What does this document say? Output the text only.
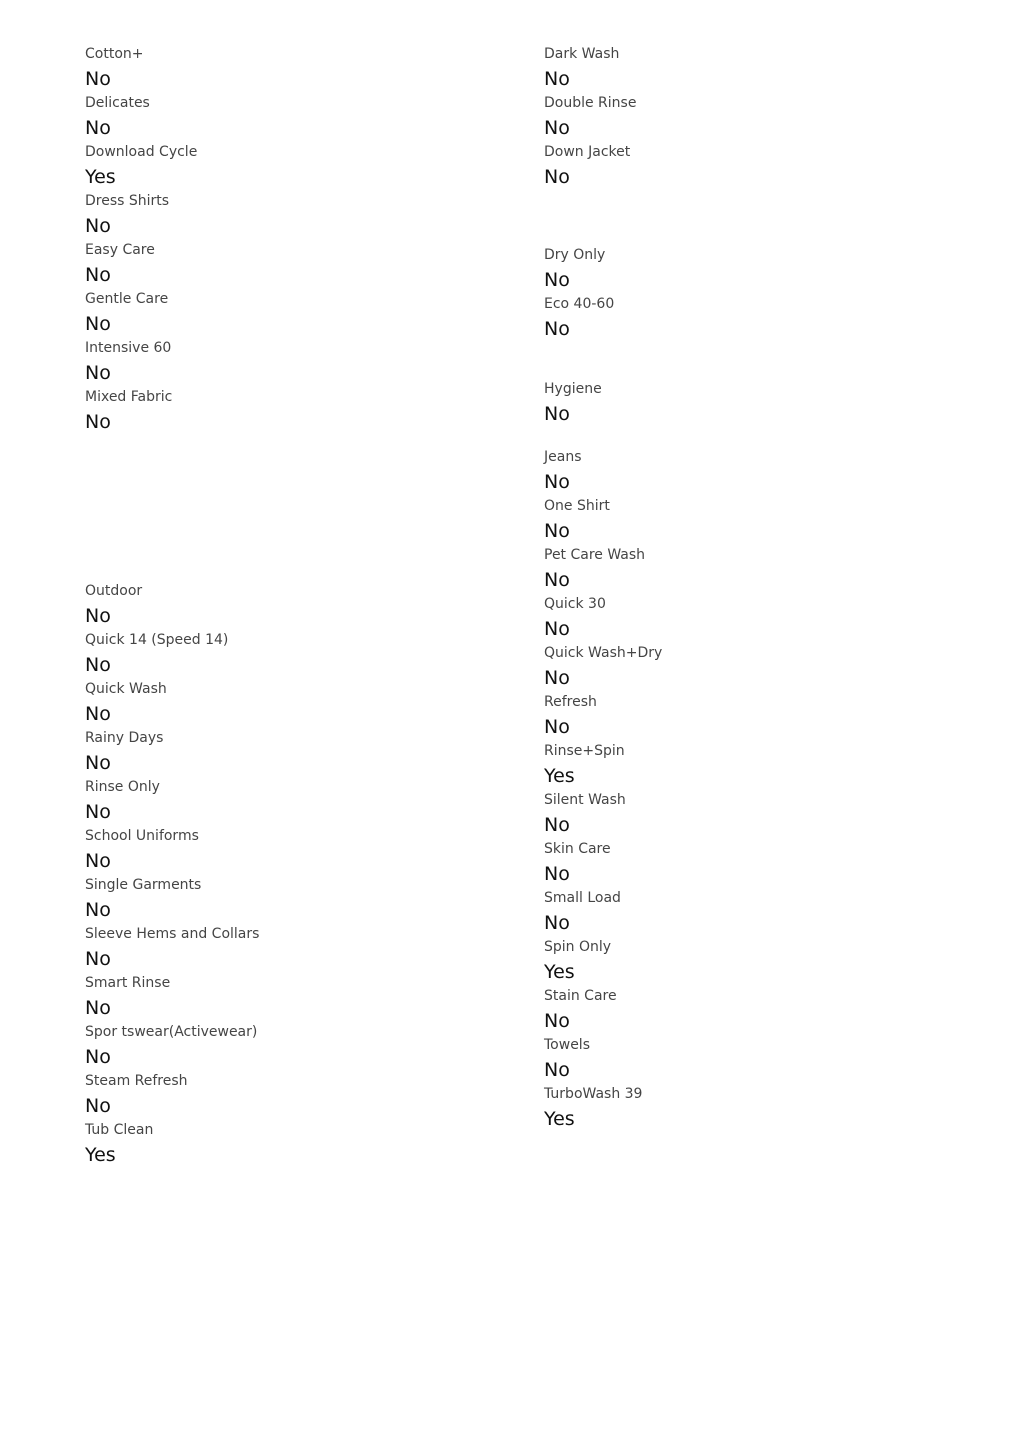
Cotton+
No
Delicates
No
Download Cycle
Yes
Dress Shirts
No
Easy Care
No
Gentle Care
No
Intensive 60
No
Mixed Fabric
No
Outdoor
No
Quick 14 (Speed 14)
No
Quick Wash
No
Rainy Days
No
Rinse Only
No
School Uniforms
No
Single Garments
No
Sleeve Hems and Collars
No
Smart Rinse
No
Spor tswear(Activewear)
No
Steam Refresh
No
Tub Clean
Yes
Dark Wash
No
Double Rinse
No
Down Jacket
No
Dry Only
No
Eco 40-60
No
Hygiene
No
Jeans
No
One Shirt
No
Pet Care Wash
No
Quick 30
No
Quick Wash+Dry
No
Refresh
No
Rinse+Spin
Yes
Silent Wash
No
Skin Care
No
Small Load
No
Spin Only
Yes
Stain Care
No
Towels
No
TurboWash 39
Yes
